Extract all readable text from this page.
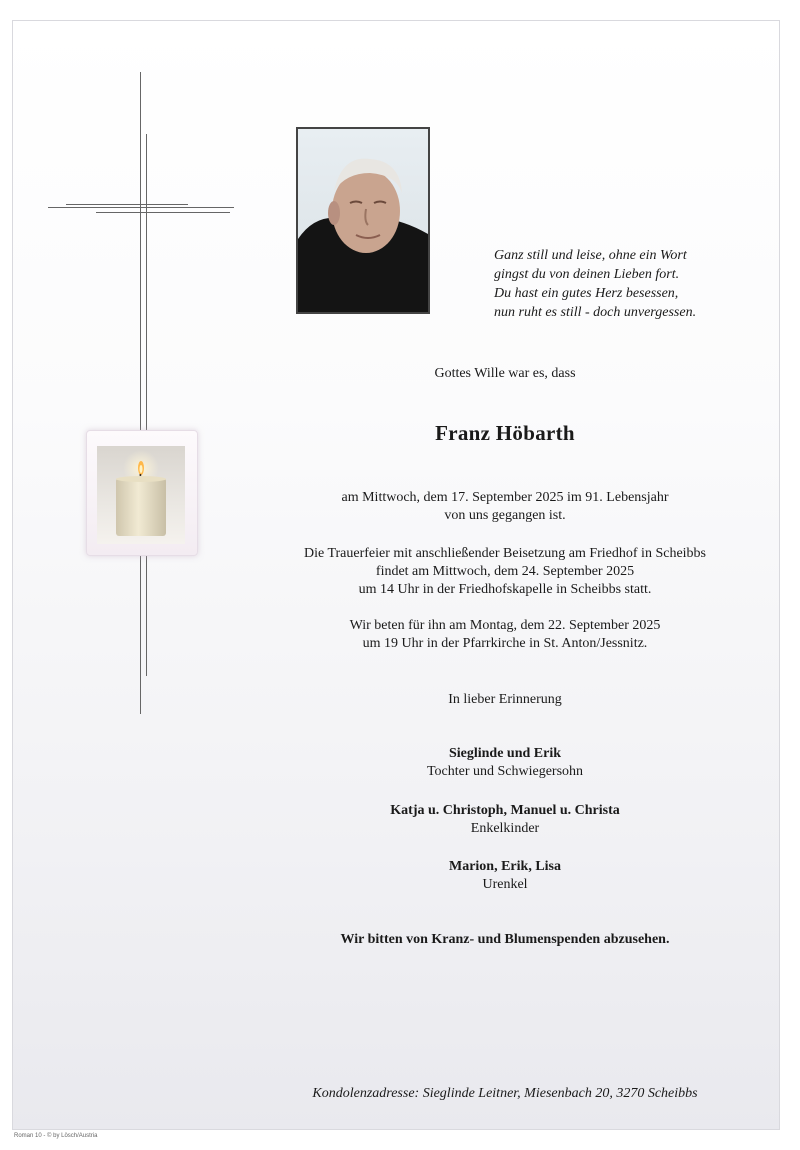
Ganz still und leise, ohne ein Wort
gingst du von deinen Lieben fort.
Du hast ein gutes Herz besessen,
nun ruht es still - doch unvergessen.
Gottes Wille war es, dass
Franz Höbarth
am Mittwoch, dem 17. September 2025 im 91. Lebensjahr
von uns gegangen ist.
Die Trauerfeier mit anschließender Beisetzung am Friedhof in Scheibbs
findet am Mittwoch, dem 24. September 2025
um 14 Uhr in der Friedhofskapelle in Scheibbs statt.
Wir beten für ihn am Montag, dem 22. September 2025
um 19 Uhr in der Pfarrkirche in St. Anton/Jessnitz.
In lieber Erinnerung
Sieglinde und Erik
Tochter und Schwiegersohn
Katja u. Christoph, Manuel u. Christa
Enkelkinder
Marion, Erik, Lisa
Urenkel
Wir bitten von Kranz- und Blumenspenden abzusehen.
Kondolenzadresse: Sieglinde Leitner, Miesenbach 20, 3270 Scheibbs
Roman 10 - © by Lösch/Austria
